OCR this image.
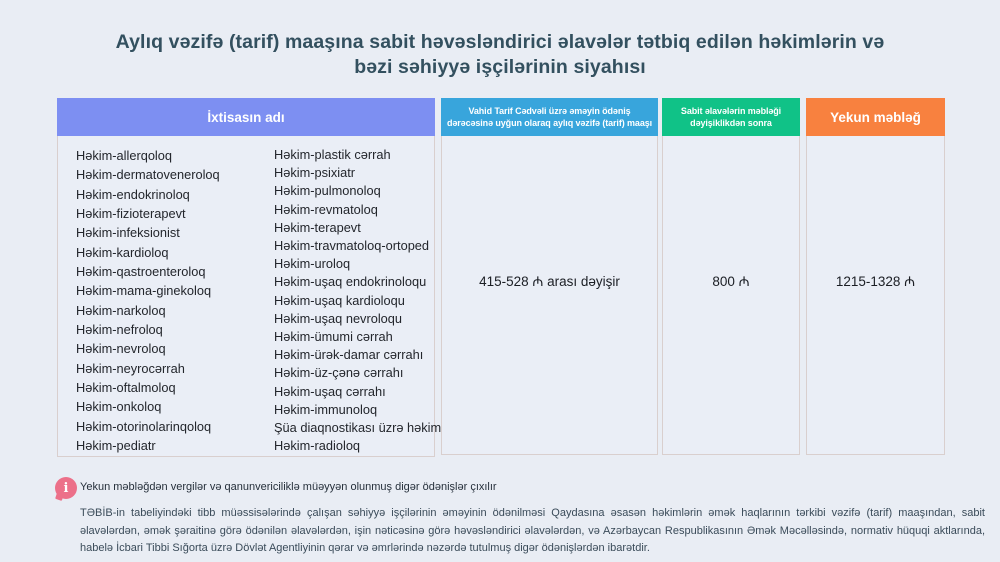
Aylıq vəzifə (tarif) maaşına sabit həvəsləndirici əlavələr tətbiq edilən həkimlərin və bəzi səhiyyə işçilərinin siyahısı
İxtisasın adı
Həkim-allerqoloq
Həkim-dermatoveneroloq
Həkim-endokrinoloq
Həkim-fizioterapevt
Həkim-infeksionist
Həkim-kardioloq
Həkim-qastroenteroloq
Həkim-mama-ginekoloq
Həkim-narkoloq
Həkim-nefroloq
Həkim-nevroloq
Həkim-neyrocərrah
Həkim-oftalmoloq
Həkim-onkoloq
Həkim-otorinolarinqoloq
Həkim-pediatr
Həkim-plastik cərrah
Həkim-psixiatr
Həkim-pulmonoloq
Həkim-revmatoloq
Həkim-terapevt
Həkim-travmatoloq-ortoped
Həkim-uroloq
Həkim-uşaq endokrinoloqu
Həkim-uşaq kardioloqu
Həkim-uşaq nevroloqu
Həkim-ümumi cərrah
Həkim-ürək-damar cərrahı
Həkim-üz-çənə cərrahı
Həkim-uşaq cərrahı
Həkim-immunoloq
Şüa diaqnostikası üzrə həkim
Həkim-radioloq
Vahid Tarif Cədvəli üzrə əməyin ödəniş dərəcəsinə uyğun olaraq aylıq vəzifə (tarif) maaşı
415-528 ₼ arası dəyişir
Sabit əlavələrin məbləği dəyişiklikdən sonra
800 ₼
Yekun məbləğ
1215-1328 ₼
i	Yekun məbləğdən vergilər və qanunvericiliklə müəyyən olunmuş digər ödənişlər çıxılır
TƏBİB-in tabeliyindəki tibb müəssisələrində çalışan səhiyyə işçilərinin əməyinin ödənilməsi Qaydasına əsasən həkimlərin əmək haqlarının tərkibi vəzifə (tarif) maaşından, sabit əlavələrdən, əmək şəraitinə görə ödənilən əlavələrdən, işin nəticəsinə görə həvəsləndirici əlavələrdən, və Azərbaycan Respublikasının Əmək Məcəlləsində, normativ hüquqi aktlarında, habelə İcbari Tibbi Sığorta üzrə Dövlət Agentliyinin qərar və əmrlərində nəzərdə tutulmuş digər ödənişlərdən ibarətdir.
